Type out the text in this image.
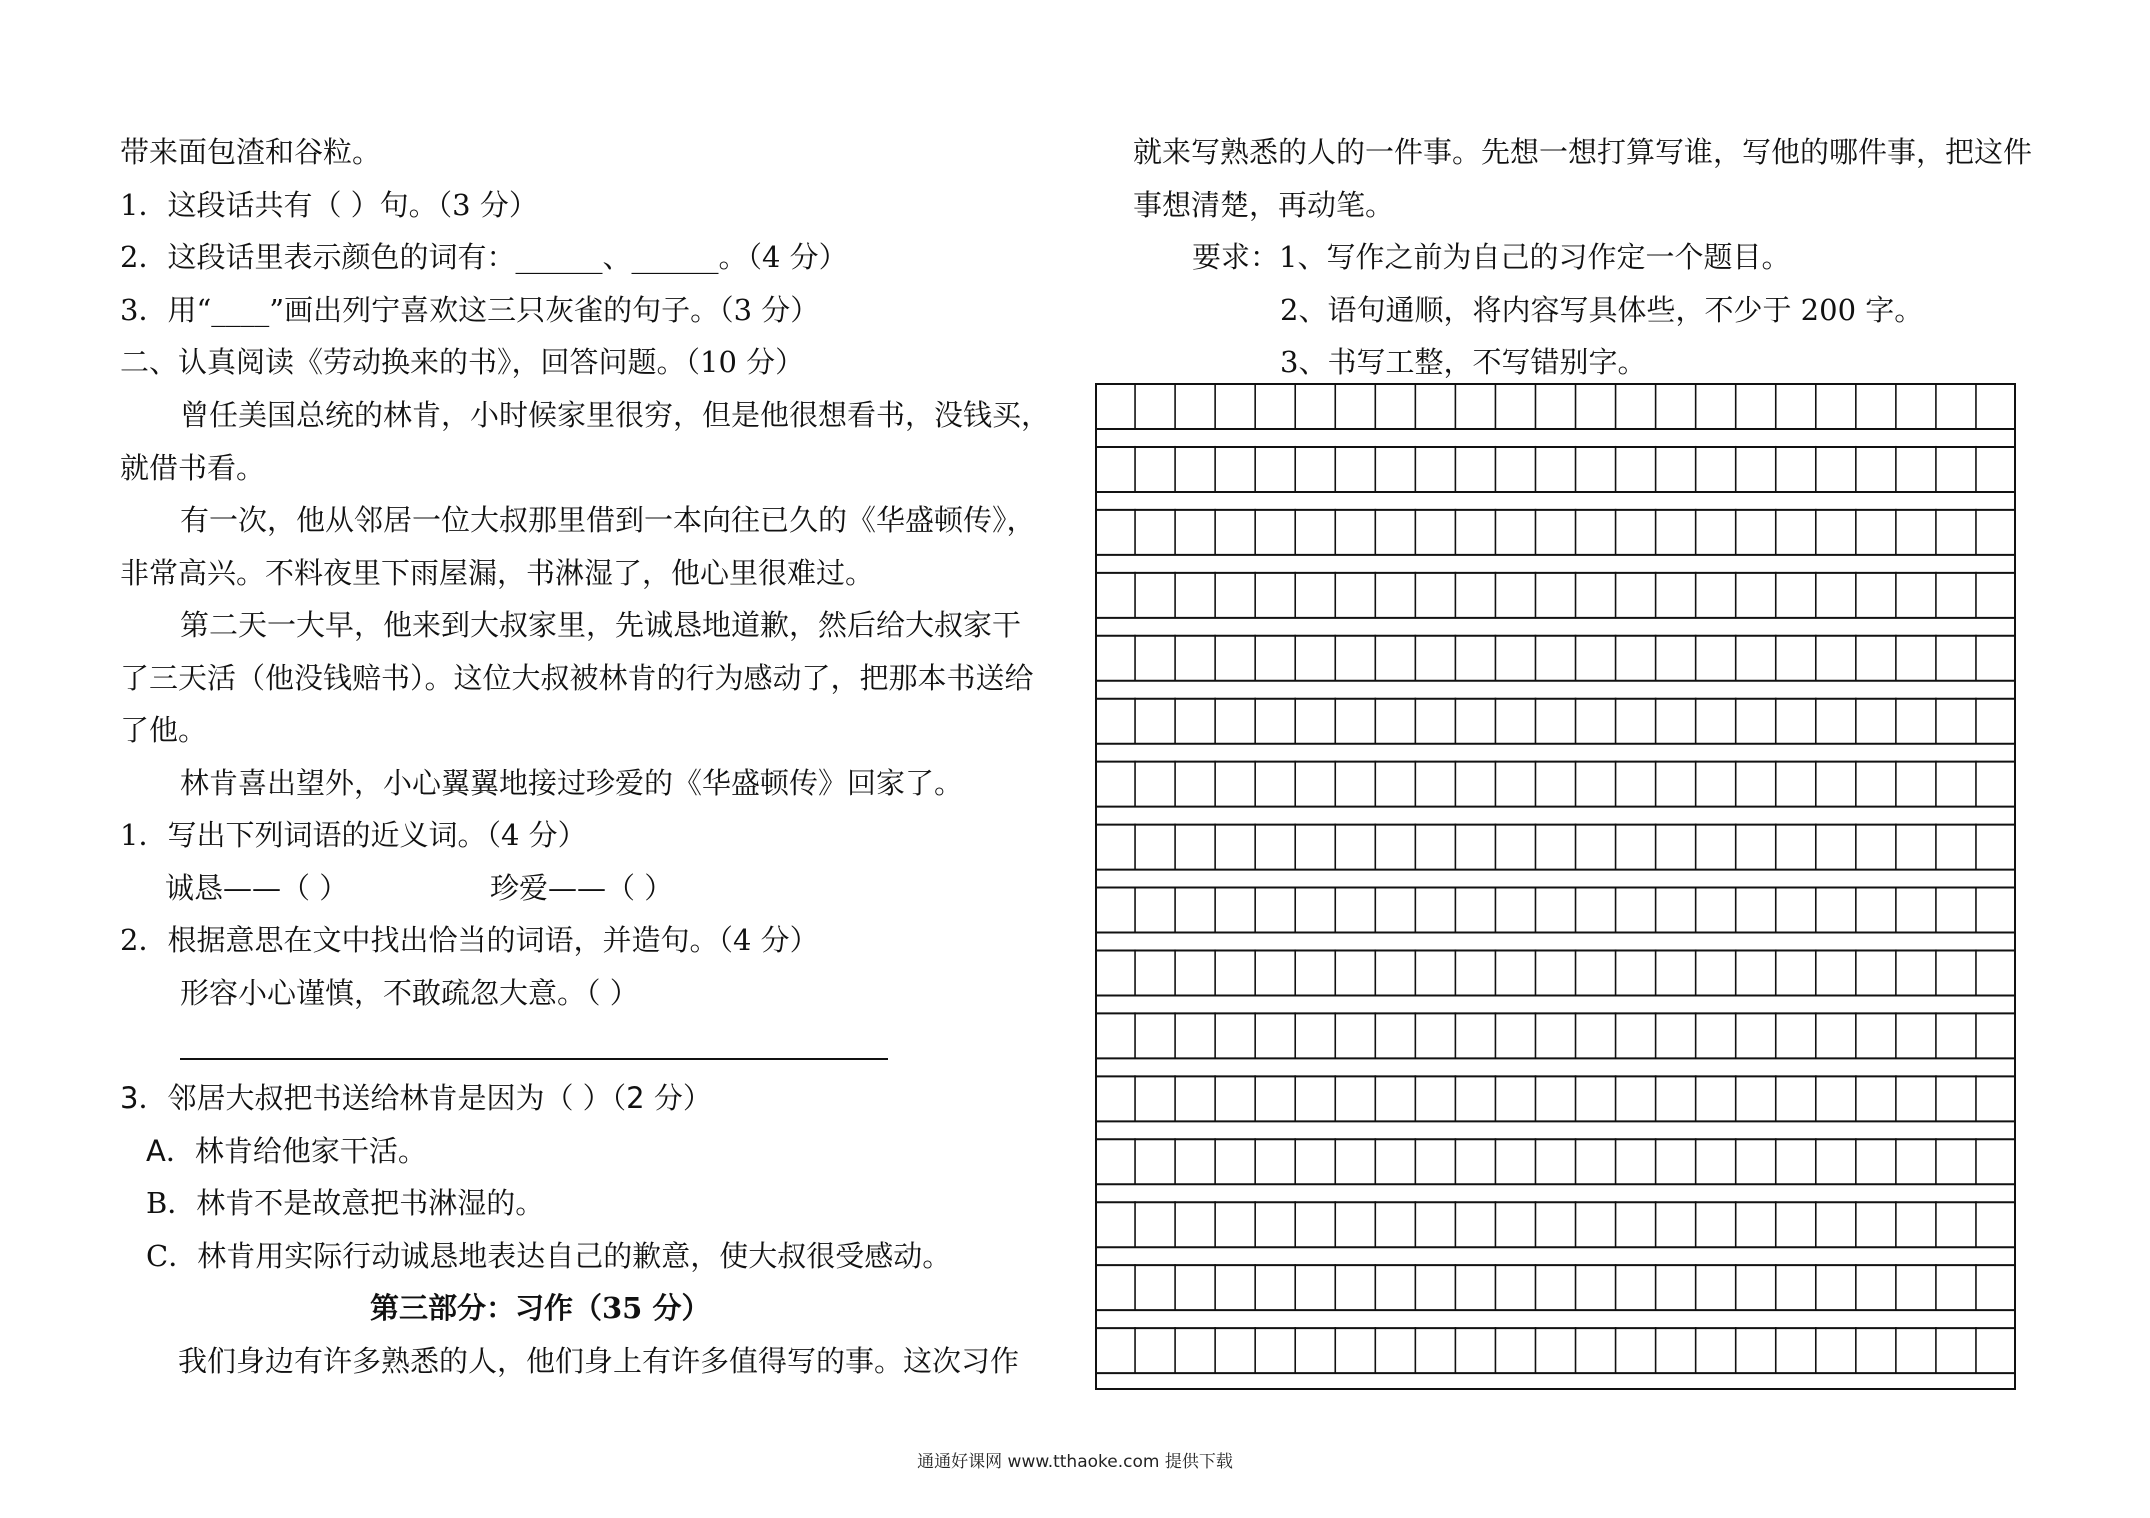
带来面包渣和谷粒。
1．这段话共有（ ）句。（3 分）
2．这段话里表示颜色的词有：______、______。（4 分）
3．用“____”画出列宁喜欢这三只灰雀的句子。（3 分）
二、认真阅读《劳动换来的书》，回答问题。（10 分）
曾任美国总统的林肯，小时候家里很穷，但是他很想看书，没钱买，
就借书看。
有一次，他从邻居一位大叔那里借到一本向往已久的《华盛顿传》，
非常高兴。不料夜里下雨屋漏，书淋湿了，他心里很难过。
第二天一大早，他来到大叔家里，先诚恳地道歉，然后给大叔家干
了三天活（他没钱赔书）。这位大叔被林肯的行为感动了，把那本书送给
了他。
林肯喜出望外，小心翼翼地接过珍爱的《华盛顿传》回家了。
1．写出下列词语的近义词。（4 分）
诚恳——（ ）	珍爱——（ ）
2．根据意思在文中找出恰当的词语，并造句。（4 分）
形容小心谨慎，不敢疏忽大意。（ ）
3．邻居大叔把书送给林肯是因为（ ）（2 分）
A．林肯给他家干活。
B．林肯不是故意把书淋湿的。
C．林肯用实际行动诚恳地表达自己的歉意，使大叔很受感动。
第三部分：习作（35 分）
我们身边有许多熟悉的人，他们身上有许多值得写的事。这次习作
就来写熟悉的人的一件事。先想一想打算写谁，写他的哪件事，把这件
事想清楚，再动笔。
要求：1、写作之前为自己的习作定一个题目。
2、语句通顺，将内容写具体些，不少于 200 字。
3、书写工整，不写错别字。
通通好课网 www.tthaoke.com 提供下载
